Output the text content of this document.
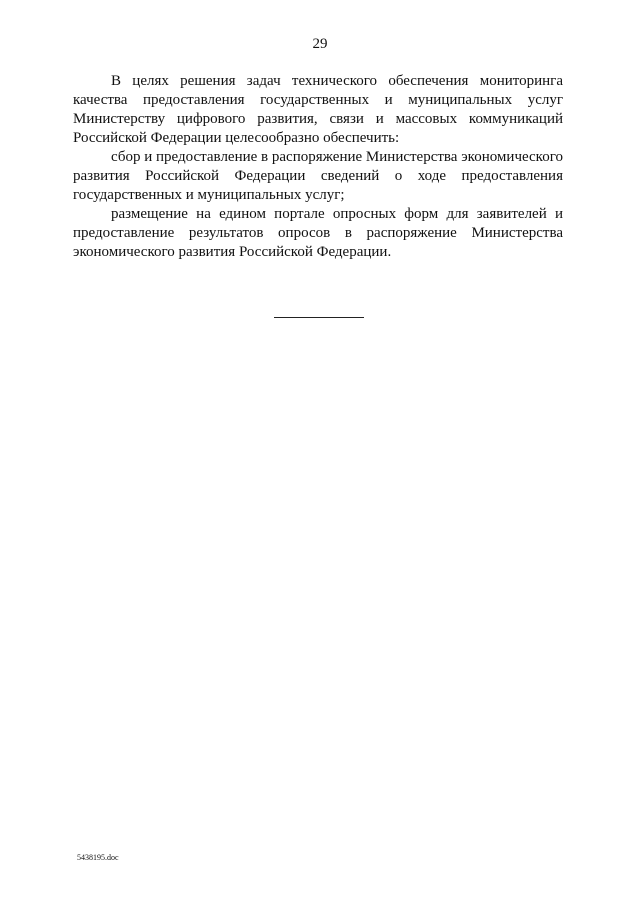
29

В целях решения задач технического обеспечения мониторинга качества предоставления государственных и муниципальных услуг Министерству цифрового развития, связи и массовых коммуникаций Российской Федерации целесообразно обеспечить:

сбор и предоставление в распоряжение Министерства экономического развития Российской Федерации сведений о ходе предоставления государственных и муниципальных услуг;

размещение на едином портале опросных форм для заявителей и предоставление результатов опросов в распоряжение Министерства экономического развития Российской Федерации.

5438195.doc
